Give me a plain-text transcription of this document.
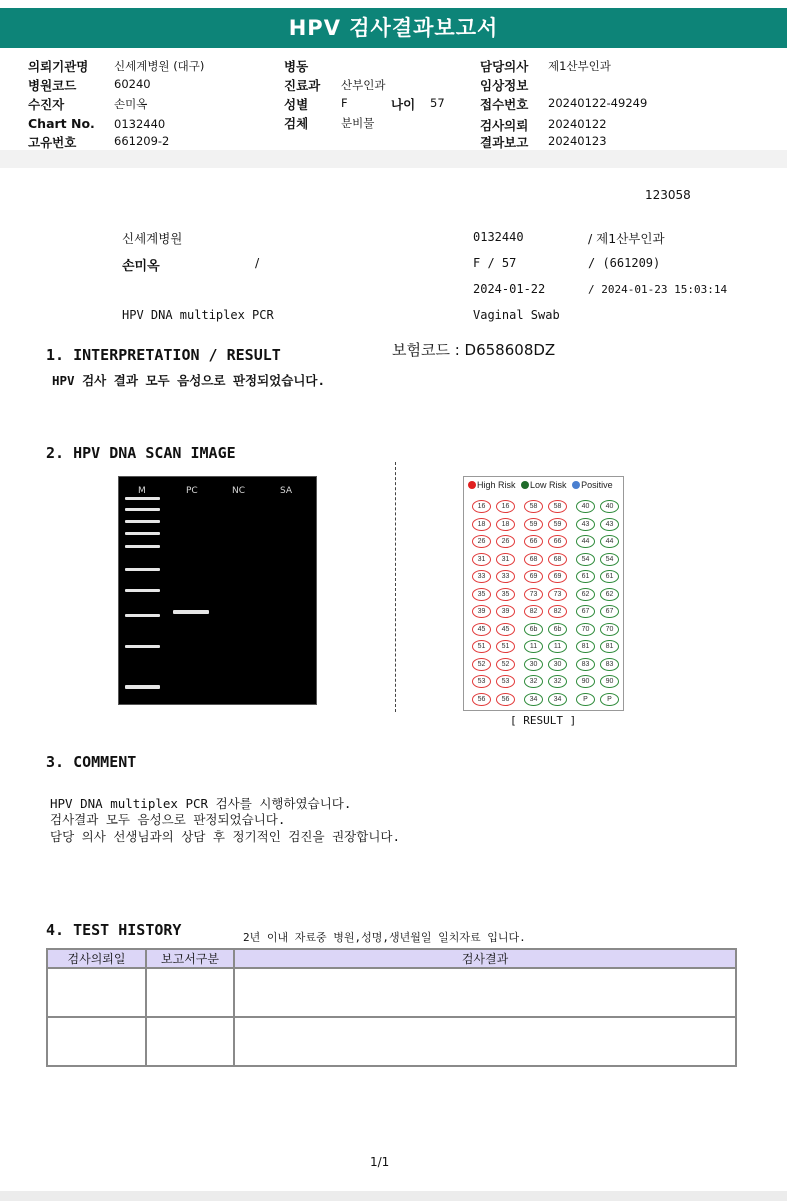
HPV 검사결과보고서
의뢰기관명 신세계병원 (대구)
병원코드	60240
수진자	손미옥
Chart No. 0132440
고유번호	661209-2
병동
진료과 산부인과
성별	F	나이 57
검체	분비물
담당의사 제1산부인과
임상정보
접수번호 20240122-49249
검사의뢰 20240122
결과보고 20240123
123058
신세계병원	0132440	/ 제1산부인과
손미옥	/	F / 57	/ (661209)
2024-01-22	/ 2024-01-23 15:03:14
HPV DNA multiplex PCR	Vaginal Swab
보험코드 : D658608DZ
1. INTERPRETATION / RESULT
HPV 검사 결과 모두 음성으로 판정되었습니다.
2. HPV DNA SCAN IMAGE
M	PC	NC	SA
High Risk Low Risk Positive
16	16
18	18
26	26
31	31
33	33
35	35
39	39
45	45
51	51
52	52
53	53
56	56
58	58
59	59
66	66
68	68
69	69
73	73
82	82
6b	6b
11	11
30	30
32	32
34	34
40	40
43	43
44	44
54	54
61	61
62	62
67	67
70	70
81	81
83	83
90	90
P	P
[ RESULT ]
3. COMMENT
HPV DNA multiplex PCR 검사를 시행하였습니다.
검사결과 모두 음성으로 판정되었습니다.
담당 의사 선생님과의 상담 후 정기적인 검진을 권장합니다.
4. TEST HISTORY	2년 이내 자료중 병원,성명,생년월일 일치자료 입니다.
검사의뢰일	보고서구분	검사결과

1/1
